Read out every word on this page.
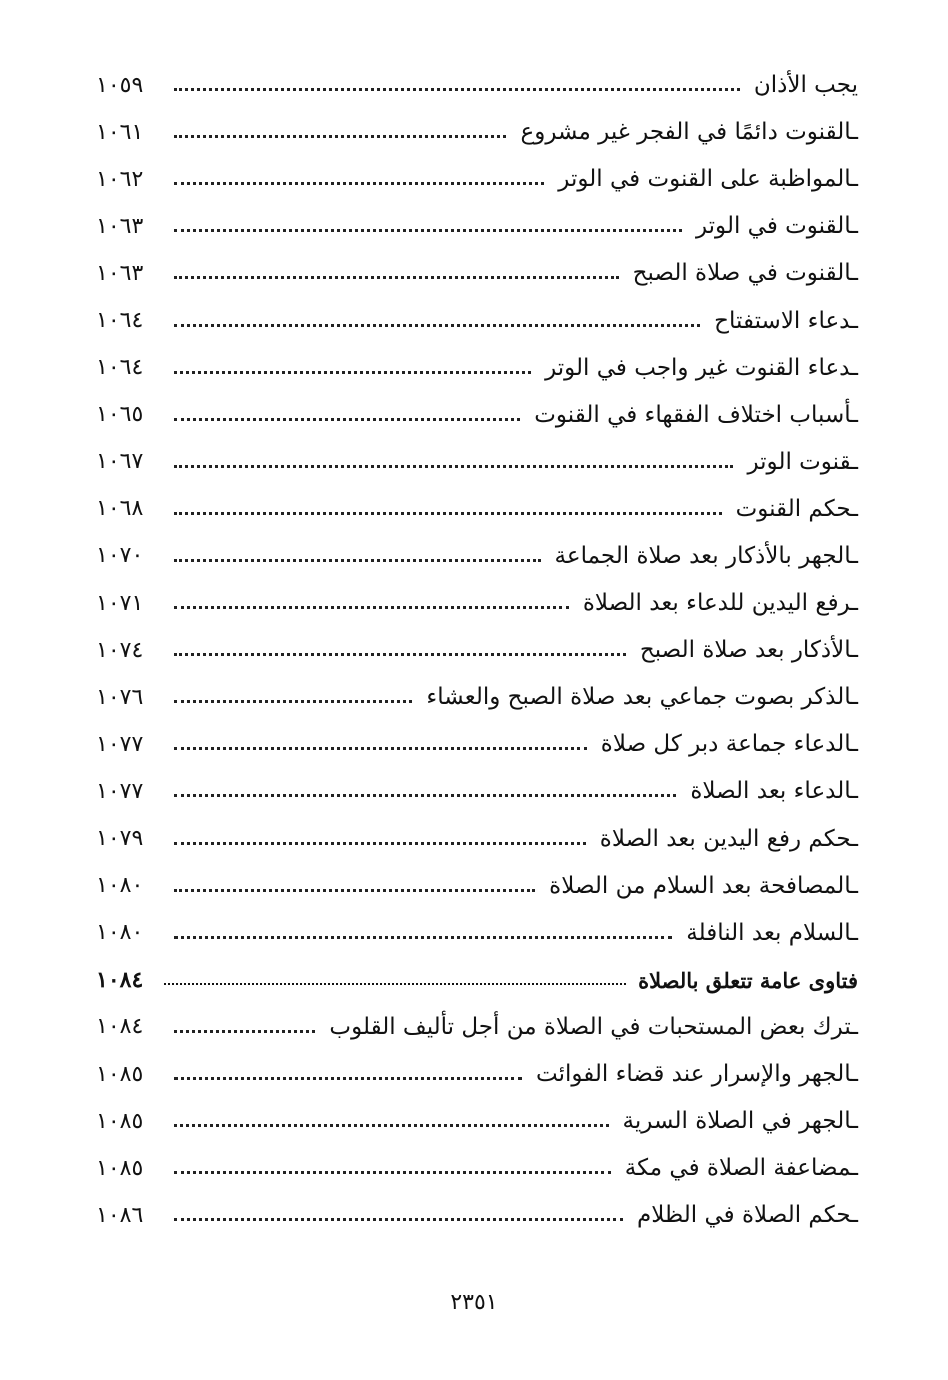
يجب الأذان
١٠٥٩
ـالقنوت دائمًا في الفجر غير مشروع
١٠٦١
ـالمواظبة على القنوت في الوتر
١٠٦٢
ـالقنوت في الوتر
١٠٦٣
ـالقنوت في صلاة الصبح
١٠٦٣
ـدعاء الاستفتاح
١٠٦٤
ـدعاء القنوت غير واجب في الوتر
١٠٦٤
ـأسباب اختلاف الفقهاء في القنوت
١٠٦٥
ـقنوت الوتر
١٠٦٧
ـحكم القنوت
١٠٦٨
ـالجهر بالأذكار بعد صلاة الجماعة
١٠٧٠
ـرفع اليدين للدعاء بعد الصلاة
١٠٧١
ـالأذكار بعد صلاة الصبح
١٠٧٤
ـالذكر بصوت جماعي بعد صلاة الصبح والعشاء
١٠٧٦
ـالدعاء جماعة دبر كل صلاة
١٠٧٧
ـالدعاء بعد الصلاة
١٠٧٧
ـحكم رفع اليدين بعد الصلاة
١٠٧٩
ـالمصافحة بعد السلام من الصلاة
١٠٨٠
ـالسلام بعد النافلة
١٠٨٠
فتاوى عامة تتعلق بالصلاة
١٠٨٤
ـترك بعض المستحبات في الصلاة من أجل تأليف القلوب
١٠٨٤
ـالجهر والإسرار عند قضاء الفوائت
١٠٨٥
ـالجهر في الصلاة السرية
١٠٨٥
ـمضاعفة الصلاة في مكة
١٠٨٥
ـحكم الصلاة في الظلام
١٠٨٦
٢٣٥١
